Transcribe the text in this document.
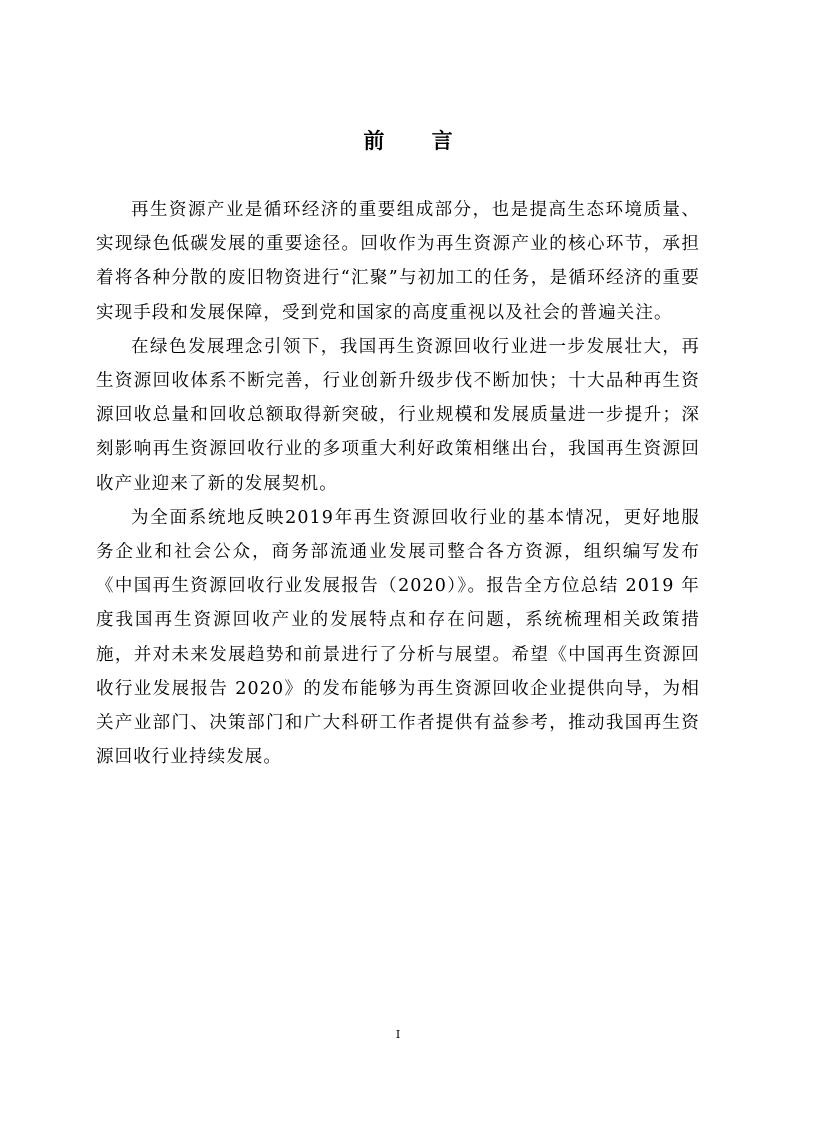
前 言

再生资源产业是循环经济的重要组成部分，也是提高生态环境质量、实现绿色低碳发展的重要途径。回收作为再生资源产业的核心环节，承担着将各种分散的废旧物资进行“汇聚”与初加工的任务，是循环经济的重要实现手段和发展保障，受到党和国家的高度重视以及社会的普遍关注。

在绿色发展理念引领下，我国再生资源回收行业进一步发展壮大，再生资源回收体系不断完善，行业创新升级步伐不断加快；十大品种再生资源回收总量和回收总额取得新突破，行业规模和发展质量进一步提升；深刻影响再生资源回收行业的多项重大利好政策相继出台，我国再生资源回收产业迎来了新的发展契机。

为全面系统地反映2019年再生资源回收行业的基本情况，更好地服务企业和社会公众，商务部流通业发展司整合各方资源，组织编写发布《中国再生资源回收行业发展报告（2020）》。报告全方位总结 2019 年度我国再生资源回收产业的发展特点和存在问题，系统梳理相关政策措施，并对未来发展趋势和前景进行了分析与展望。希望《中国再生资源回收行业发展报告 2020》的发布能够为再生资源回收企业提供向导，为相关产业部门、决策部门和广大科研工作者提供有益参考，推动我国再生资源回收行业持续发展。

I
